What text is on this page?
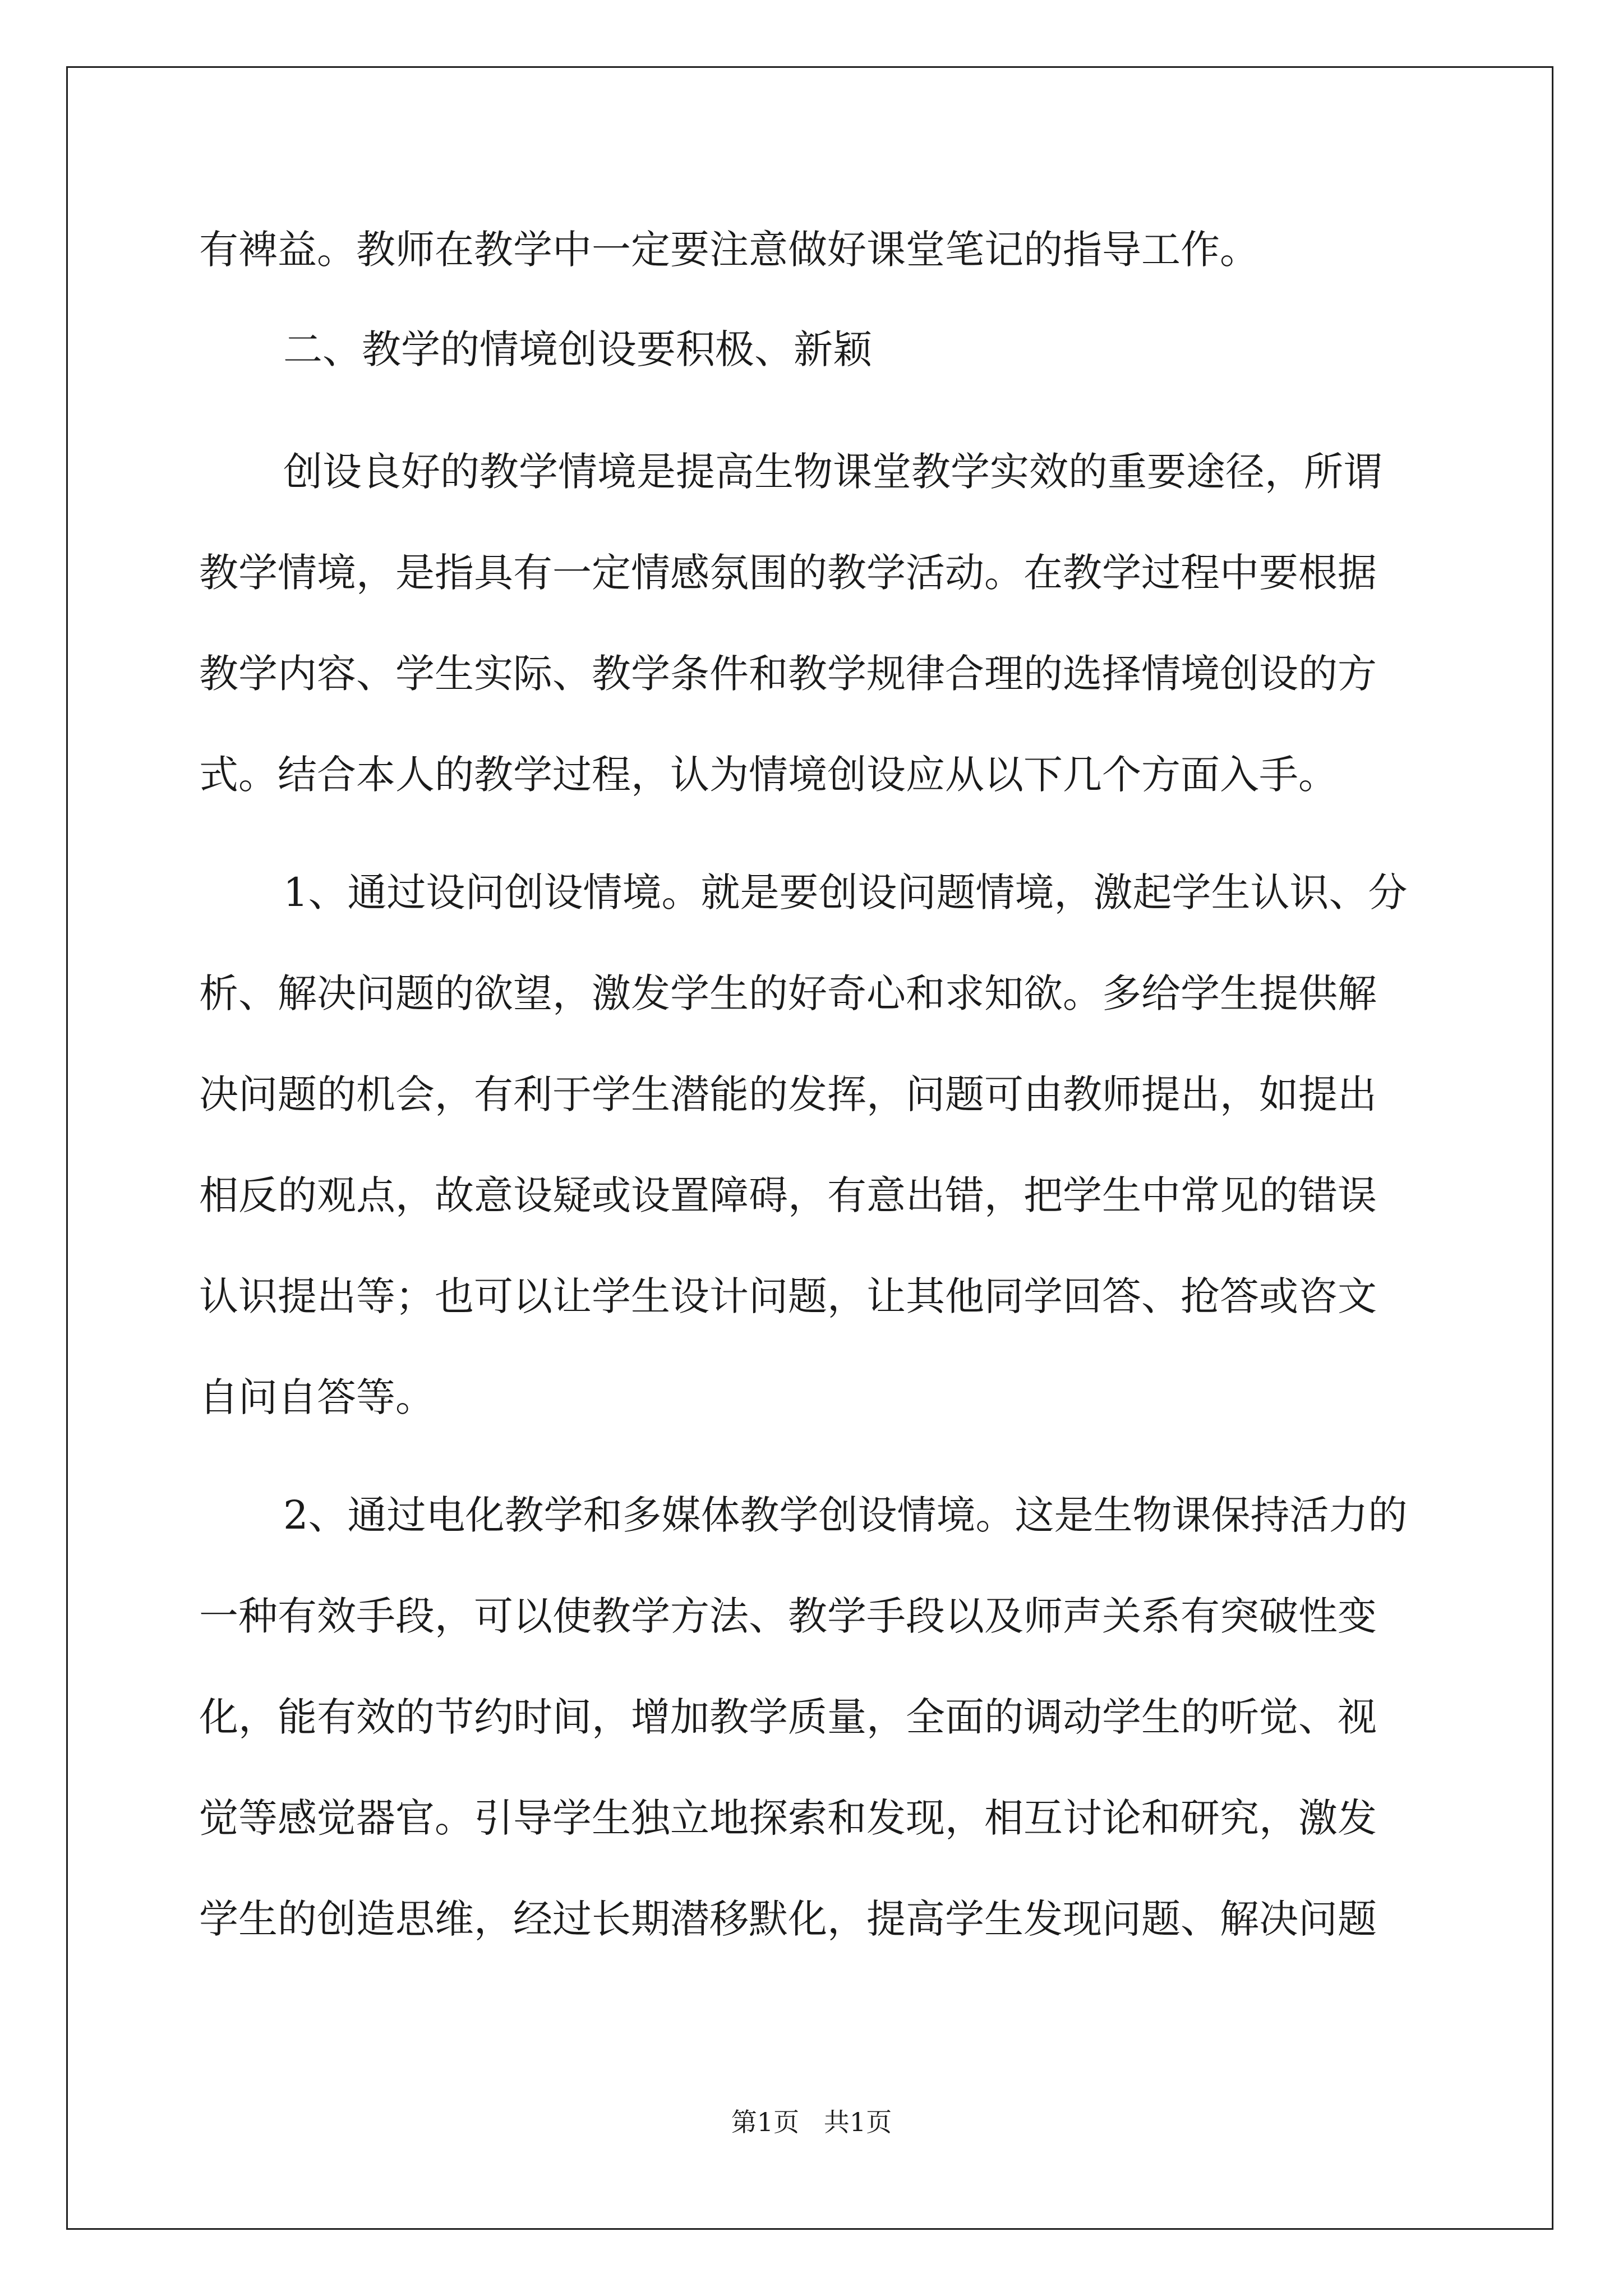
有裨益。教师在教学中一定要注意做好课堂笔记的指导工作。
二、教学的情境创设要积极、新颖
创设良好的教学情境是提高生物课堂教学实效的重要途径，所谓
教学情境，是指具有一定情感氛围的教学活动。在教学过程中要根据
教学内容、学生实际、教学条件和教学规律合理的选择情境创设的方
式。结合本人的教学过程，认为情境创设应从以下几个方面入手。
1、通过设问创设情境。就是要创设问题情境，激起学生认识、分
析、解决问题的欲望，激发学生的好奇心和求知欲。多给学生提供解
决问题的机会，有利于学生潜能的发挥，问题可由教师提出，如提出
相反的观点，故意设疑或设置障碍，有意出错，把学生中常见的错误
认识提出等；也可以让学生设计问题，让其他同学回答、抢答或咨文
自问自答等。
2、通过电化教学和多媒体教学创设情境。这是生物课保持活力的
一种有效手段，可以使教学方法、教学手段以及师声关系有突破性变
化，能有效的节约时间，增加教学质量，全面的调动学生的听觉、视
觉等感觉器官。引导学生独立地探索和发现，相互讨论和研究，激发
学生的创造思维，经过长期潜移默化，提高学生发现问题、解决问题
第1页   共1页
